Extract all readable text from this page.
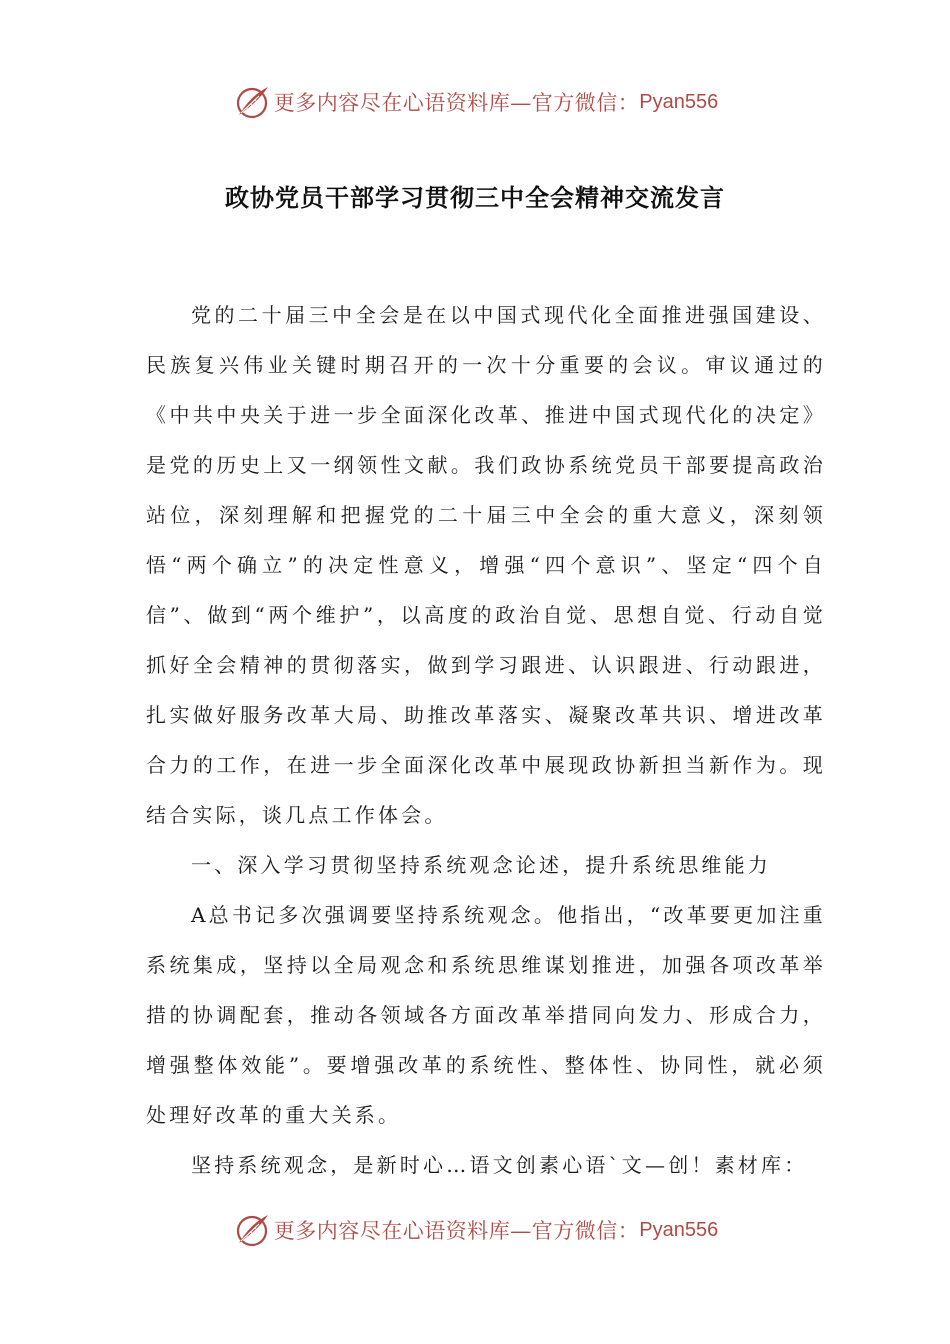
更多内容尽在心语资料库—官方微信： Pyan556
政协党员干部学习贯彻三中全会精神交流发言

党的二十届三中全会是在以中国式现代化全面推进强国建设、民族复兴伟业关键时期召开的一次十分重要的会议。审议通过的《中共中央关于进一步全面深化改革、推进中国式现代化的决定》是党的历史上又一纲领性文献。我们政协系统党员干部要提高政治站位，深刻理解和把握党的二十届三中全会的重大意义，深刻领悟“两个确立”的决定性意义，增强“四个意识”、坚定“四个自信”、做到“两个维护”，以高度的政治自觉、思想自觉、行动自觉抓好全会精神的贯彻落实，做到学习跟进、认识跟进、行动跟进，扎实做好服务改革大局、助推改革落实、凝聚改革共识、增进改革合力的工作，在进一步全面深化改革中展现政协新担当新作为。现结合实际，谈几点工作体会。

一、深入学习贯彻坚持系统观念论述，提升系统思维能力

A总书记多次强调要坚持系统观念。他指出，“改革要更加注重系统集成，坚持以全局观念和系统思维谋划推进，加强各项改革举措的协调配套，推动各领域各方面改革举措同向发力、形成合力，增强整体效能”。要增强改革的系统性、整体性、协同性，就必须处理好改革的重大关系。

坚持系统观念，是新时心…语文创素心语`文—创！素材库：

更多内容尽在心语资料库—官方微信： Pyan556
